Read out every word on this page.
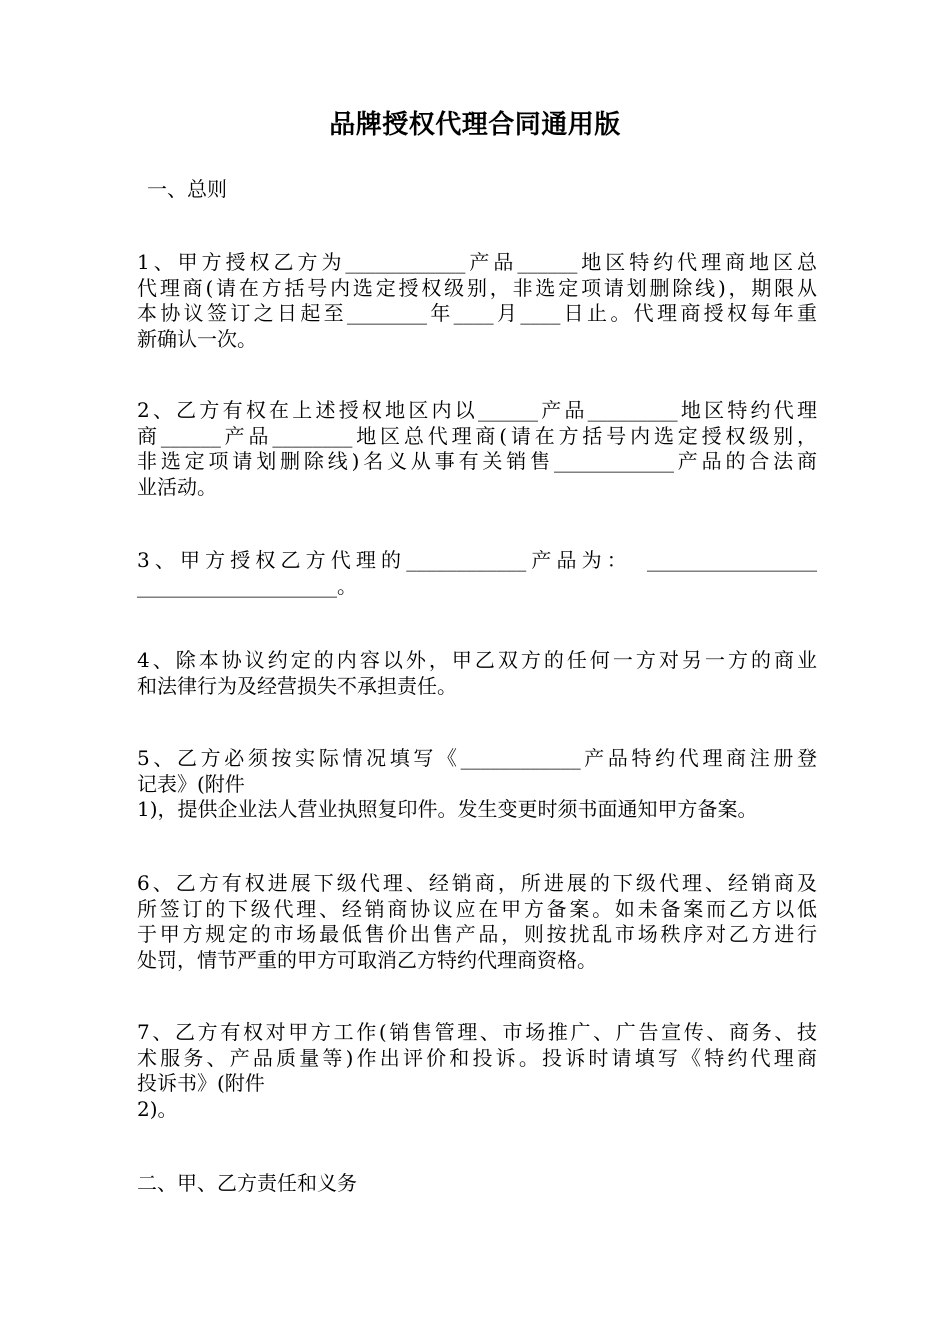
品牌授权代理合同通用版

一、总则

1、甲方授权乙方为____________产品______地区特约代理商地区总
代理商(请在方括号内选定授权级别，非选定项请划删除线)，期限从
本协议签订之日起至________年____月____日止。代理商授权每年重
新确认一次。
2、乙方有权在上述授权地区内以______产品_________地区特约代理
商______产品________地区总代理商(请在方括号内选定授权级别，
非选定项请划删除线)名义从事有关销售____________产品的合法商
业活动。
3、甲方授权乙方代理的____________产品为：　_________________
____________________。
4、除本协议约定的内容以外，甲乙双方的任何一方对另一方的商业
和法律行为及经营损失不承担责任。
5、乙方必须按实际情况填写《____________产品特约代理商注册登
记表》(附件
1)，提供企业法人营业执照复印件。发生变更时须书面通知甲方备案。
6、乙方有权进展下级代理、经销商，所进展的下级代理、经销商及
所签订的下级代理、经销商协议应在甲方备案。如未备案而乙方以低
于甲方规定的市场最低售价出售产品，则按扰乱市场秩序对乙方进行
处罚，情节严重的甲方可取消乙方特约代理商资格。
7、乙方有权对甲方工作(销售管理、市场推广、广告宣传、商务、技
术服务、产品质量等)作出评价和投诉。投诉时请填写《特约代理商
投诉书》(附件
2)。

二、甲、乙方责任和义务
